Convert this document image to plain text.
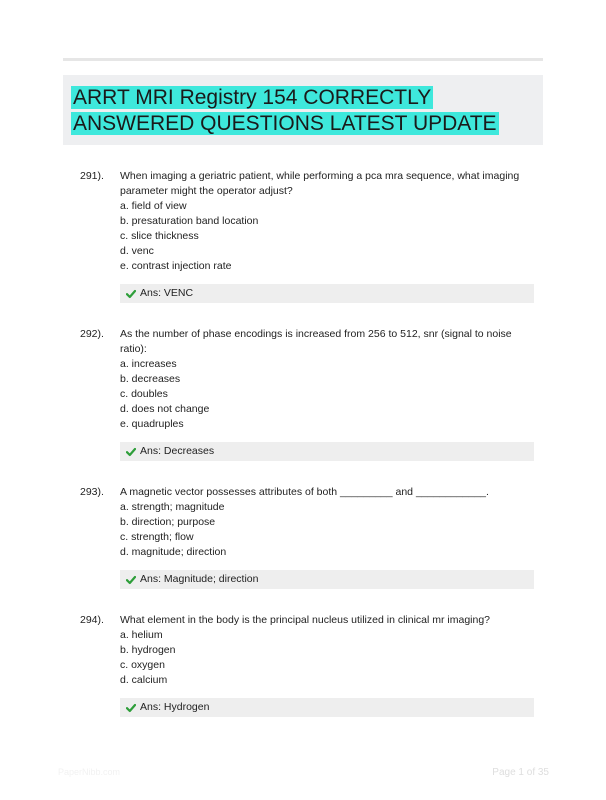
ARRT MRI Registry 154 CORRECTLY ANSWERED QUESTIONS LATEST UPDATE
291).	When imaging a geriatric patient, while performing a pca mra sequence, what imaging parameter might the operator adjust?

a. field of view
b. presaturation band location
c. slice thickness
d. venc
e. contrast injection rate
Ans: VENC
292).	As the number of phase encodings is increased from 256 to 512, snr (signal to noise ratio):

a. increases
b. decreases
c. doubles
d. does not change
e. quadruples
Ans: Decreases
293).	A magnetic vector possesses attributes of both _________ and ____________.

a. strength; magnitude
b. direction; purpose
c. strength; flow
d. magnitude; direction
Ans: Magnitude; direction
294).	What element in the body is the principal nucleus utilized in clinical mr imaging?

a. helium
b. hydrogen
c. oxygen
d. calcium
Ans: Hydrogen
PaperNibb.com	Page 1 of 35
